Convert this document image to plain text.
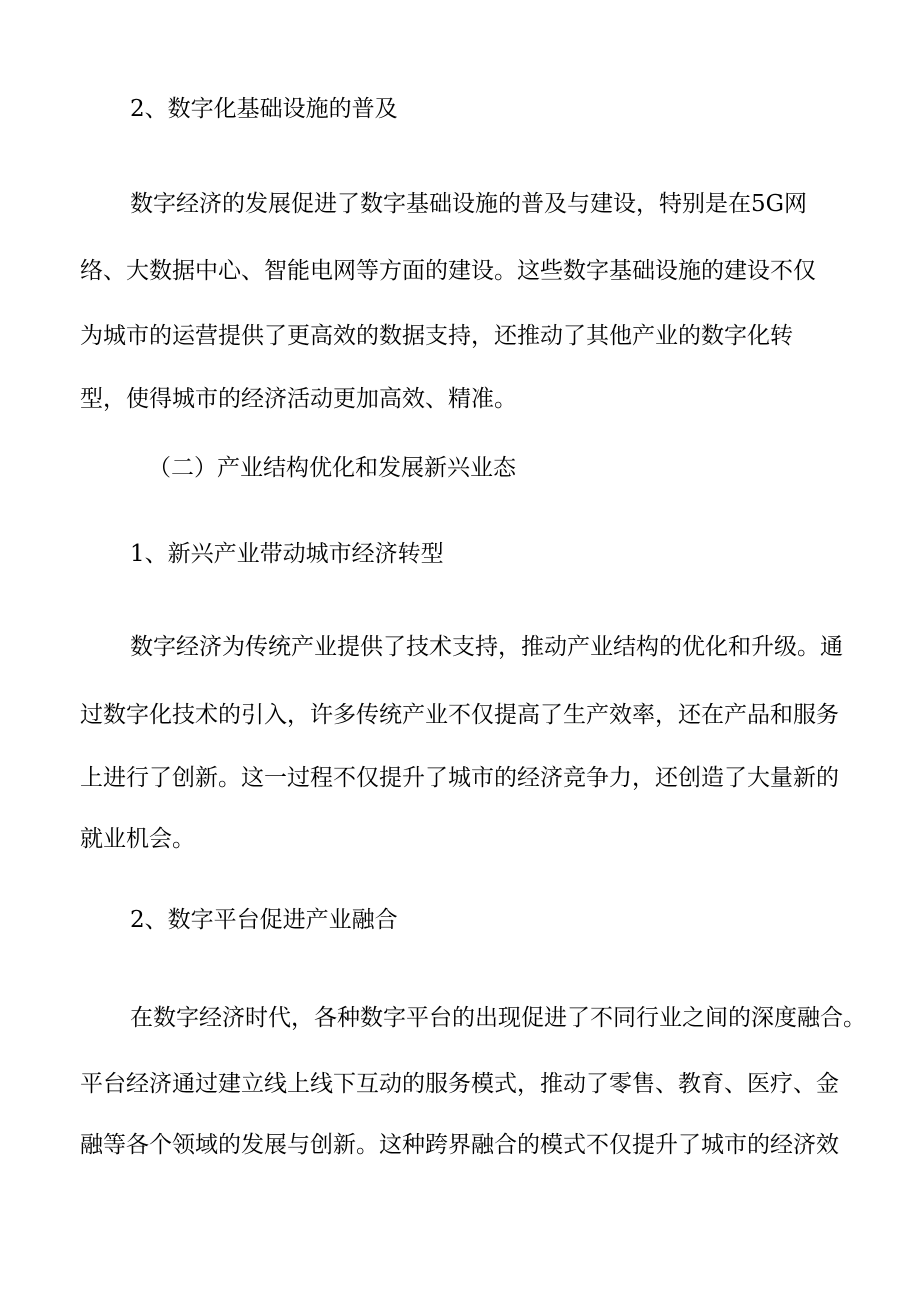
2、数字化基础设施的普及
数字经济的发展促进了数字基础设施的普及与建设，特别是在5G网
络、大数据中心、智能电网等方面的建设。这些数字基础设施的建设不仅
为城市的运营提供了更高效的数据支持，还推动了其他产业的数字化转
型，使得城市的经济活动更加高效、精准。
（二）产业结构优化和发展新兴业态
1、新兴产业带动城市经济转型
数字经济为传统产业提供了技术支持，推动产业结构的优化和升级。通
过数字化技术的引入，许多传统产业不仅提高了生产效率，还在产品和服务
上进行了创新。这一过程不仅提升了城市的经济竞争力，还创造了大量新的
就业机会。
2、数字平台促进产业融合
在数字经济时代，各种数字平台的出现促进了不同行业之间的深度融合。
平台经济通过建立线上线下互动的服务模式，推动了零售、教育、医疗、金
融等各个领域的发展与创新。这种跨界融合的模式不仅提升了城市的经济效
